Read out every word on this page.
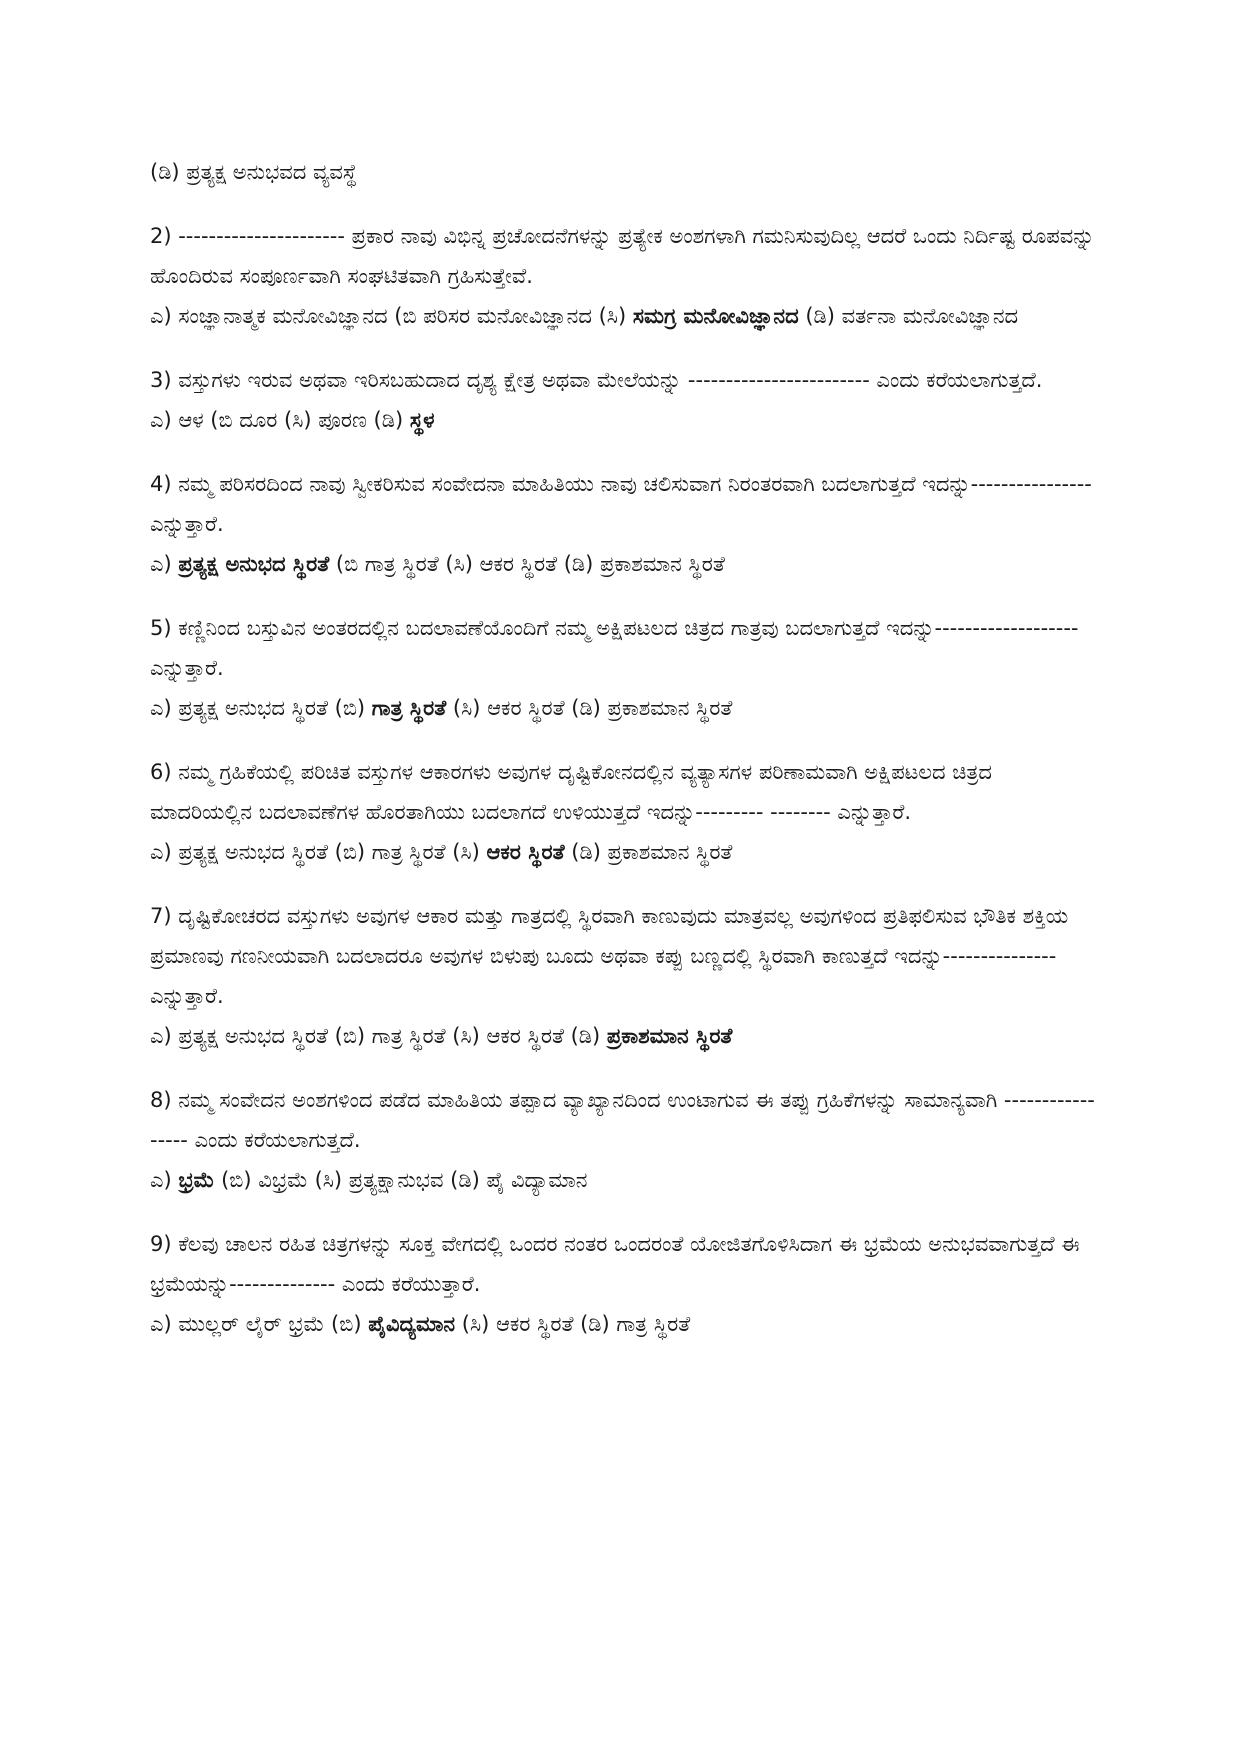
(ಡಿ) ಪ್ರತ್ಯಕ್ಷ ಅನುಭವದ ವ್ಯವಸ್ಥೆ

2) ---------------------- ಪ್ರಕಾರ ನಾವು ವಿಭಿನ್ನ ಪ್ರಚೋದನೆಗಳನ್ನು ಪ್ರತ್ಯೇಕ ಅಂಶಗಳಾಗಿ ಗಮನಿಸುವುದಿಲ್ಲ ಆದರೆ ಒಂದು ನಿರ್ದಿಷ್ಟ ರೂಪವನ್ನು ಹೊಂದಿರುವ ಸಂಪೂರ್ಣವಾಗಿ ಸಂಘಟಿತವಾಗಿ ಗ್ರಹಿಸುತ್ತೇವೆ.

ಎ) ಸಂಜ್ಞಾನಾತ್ಮಕ ಮನೋವಿಜ್ಞಾನದ (ಬಿ ಪರಿಸರ ಮನೋವಿಜ್ಞಾನದ (ಸಿ) ಸಮಗ್ರ ಮನೋವಿಜ್ಞಾನದ (ಡಿ) ವರ್ತನಾ ಮನೋವಿಜ್ಞಾನದ

3) ವಸ್ತುಗಳು ಇರುವ ಅಥವಾ ಇರಿಸಬಹುದಾದ ದೃಶ್ಯ ಕ್ಷೇತ್ರ ಅಥವಾ ಮೇಲೆಯನ್ನು ------------------------ ಎಂದು ಕರೆಯಲಾಗುತ್ತದೆ.

ಎ) ಆಳ (ಬಿ ದೂರ (ಸಿ) ಪೂರಣ (ಡಿ) ಸ್ಥಳ

4) ನಮ್ಮ ಪರಿಸರದಿಂದ ನಾವು ಸ್ವೀಕರಿಸುವ ಸಂವೇದನಾ ಮಾಹಿತಿಯು ನಾವು ಚಲಿಸುವಾಗ ನಿರಂತರವಾಗಿ ಬದಲಾಗುತ್ತದೆ ಇದನ್ನು---------------- ಎನ್ನುತ್ತಾರೆ.

ಎ) ಪ್ರತ್ಯಕ್ಷ ಅನುಭದ ಸ್ಥಿರತೆ (ಬಿ ಗಾತ್ರ ಸ್ಥಿರತೆ (ಸಿ) ಆಕರ ಸ್ಥಿರತೆ (ಡಿ) ಪ್ರಕಾಶಮಾನ ಸ್ಥಿರತೆ

5) ಕಣ್ಣಿನಿಂದ ಬಸ್ತುವಿನ ಅಂತರದಲ್ಲಿನ ಬದಲಾವಣೆಯೊಂದಿಗೆ ನಮ್ಮ ಅಕ್ಷಿಪಟಲದ ಚಿತ್ರದ ಗಾತ್ರವು ಬದಲಾಗುತ್ತದೆ ಇದನ್ನು------------------- ಎನ್ನುತ್ತಾರೆ.

ಎ) ಪ್ರತ್ಯಕ್ಷ ಅನುಭದ ಸ್ಥಿರತೆ (ಬಿ) ಗಾತ್ರ ಸ್ಥಿರತೆ (ಸಿ) ಆಕರ ಸ್ಥಿರತೆ (ಡಿ) ಪ್ರಕಾಶಮಾನ ಸ್ಥಿರತೆ

6) ನಮ್ಮ ಗ್ರಹಿಕೆಯಲ್ಲಿ ಪರಿಚಿತ ವಸ್ತುಗಳ ಆಕಾರಗಳು ಅವುಗಳ ದೃಷ್ಟಿಕೋನದಲ್ಲಿನ ವ್ಯತ್ಯಾಸಗಳ ಪರಿಣಾಮವಾಗಿ ಅಕ್ಷಿಪಟಲದ ಚಿತ್ರದ ಮಾದರಿಯಲ್ಲಿನ ಬದಲಾವಣೆಗಳ ಹೊರತಾಗಿಯು ಬದಲಾಗದೆ ಉಳಿಯುತ್ತದೆ ಇದನ್ನು--------- -------- ಎನ್ನುತ್ತಾರೆ.

ಎ) ಪ್ರತ್ಯಕ್ಷ ಅನುಭದ ಸ್ಥಿರತೆ (ಬಿ) ಗಾತ್ರ ಸ್ಥಿರತೆ (ಸಿ) ಆಕರ ಸ್ಥಿರತೆ (ಡಿ) ಪ್ರಕಾಶಮಾನ ಸ್ಥಿರತೆ

7) ದೃಷ್ಟಿಕೋಚರದ ವಸ್ತುಗಳು ಅವುಗಳ ಆಕಾರ ಮತ್ತು ಗಾತ್ರದಲ್ಲಿ ಸ್ಥಿರವಾಗಿ ಕಾಣುವುದು ಮಾತ್ರವಲ್ಲ ಅವುಗಳಿಂದ ಪ್ರತಿಫಲಿಸುವ ಭೌತಿಕ ಶಕ್ತಿಯ ಪ್ರಮಾಣವು ಗಣನೀಯವಾಗಿ ಬದಲಾದರೂ ಅವುಗಳ ಬಿಳುಪು ಬೂದು ಅಥವಾ ಕಪ್ಪು ಬಣ್ಣದಲ್ಲಿ ಸ್ಥಿರವಾಗಿ ಕಾಣುತ್ತದೆ ಇದನ್ನು--------------- ಎನ್ನುತ್ತಾರೆ.

ಎ) ಪ್ರತ್ಯಕ್ಷ ಅನುಭದ ಸ್ಥಿರತೆ (ಬಿ) ಗಾತ್ರ ಸ್ಥಿರತೆ (ಸಿ) ಆಕರ ಸ್ಥಿರತೆ (ಡಿ) ಪ್ರಕಾಶಮಾನ ಸ್ಥಿರತೆ

8) ನಮ್ಮ ಸಂವೇದನ ಅಂಶಗಳಿಂದ ಪಡೆದ ಮಾಹಿತಿಯ ತಪ್ಪಾದ ವ್ಯಾಖ್ಯಾನದಿಂದ ಉಂಟಾಗುವ ಈ ತಪ್ಪು ಗ್ರಹಿಕೆಗಳನ್ನು ಸಾಮಾನ್ಯವಾಗಿ ----------------- ಎಂದು ಕರೆಯಲಾಗುತ್ತದೆ.

ಎ) ಭ್ರಮೆ (ಬಿ) ವಿಭ್ರಮೆ (ಸಿ) ಪ್ರತ್ಯಕ್ಷಾನುಭವ (ಡಿ) ಪೈ ವಿದ್ಯಾಮಾನ

9) ಕೆಲವು ಚಾಲನ ರಹಿತ ಚಿತ್ರಗಳನ್ನು ಸೂಕ್ತ ವೇಗದಲ್ಲಿ ಒಂದರ ನಂತರ ಒಂದರಂತೆ ಯೋಜಿತಗೊಳಿಸಿದಾಗ ಈ ಭ್ರಮೆಯ ಅನುಭವವಾಗುತ್ತದೆ ಈ ಭ್ರಮೆಯನ್ನು-------------- ಎಂದು ಕರೆಯುತ್ತಾರೆ.

ಎ) ಮುಲ್ಲರ್ ಲೈರ್ ಭ್ರಮೆ (ಬಿ) ಪೈವಿದ್ಯಮಾನ (ಸಿ) ಆಕರ ಸ್ಥಿರತೆ (ಡಿ) ಗಾತ್ರ ಸ್ಥಿರತೆ
